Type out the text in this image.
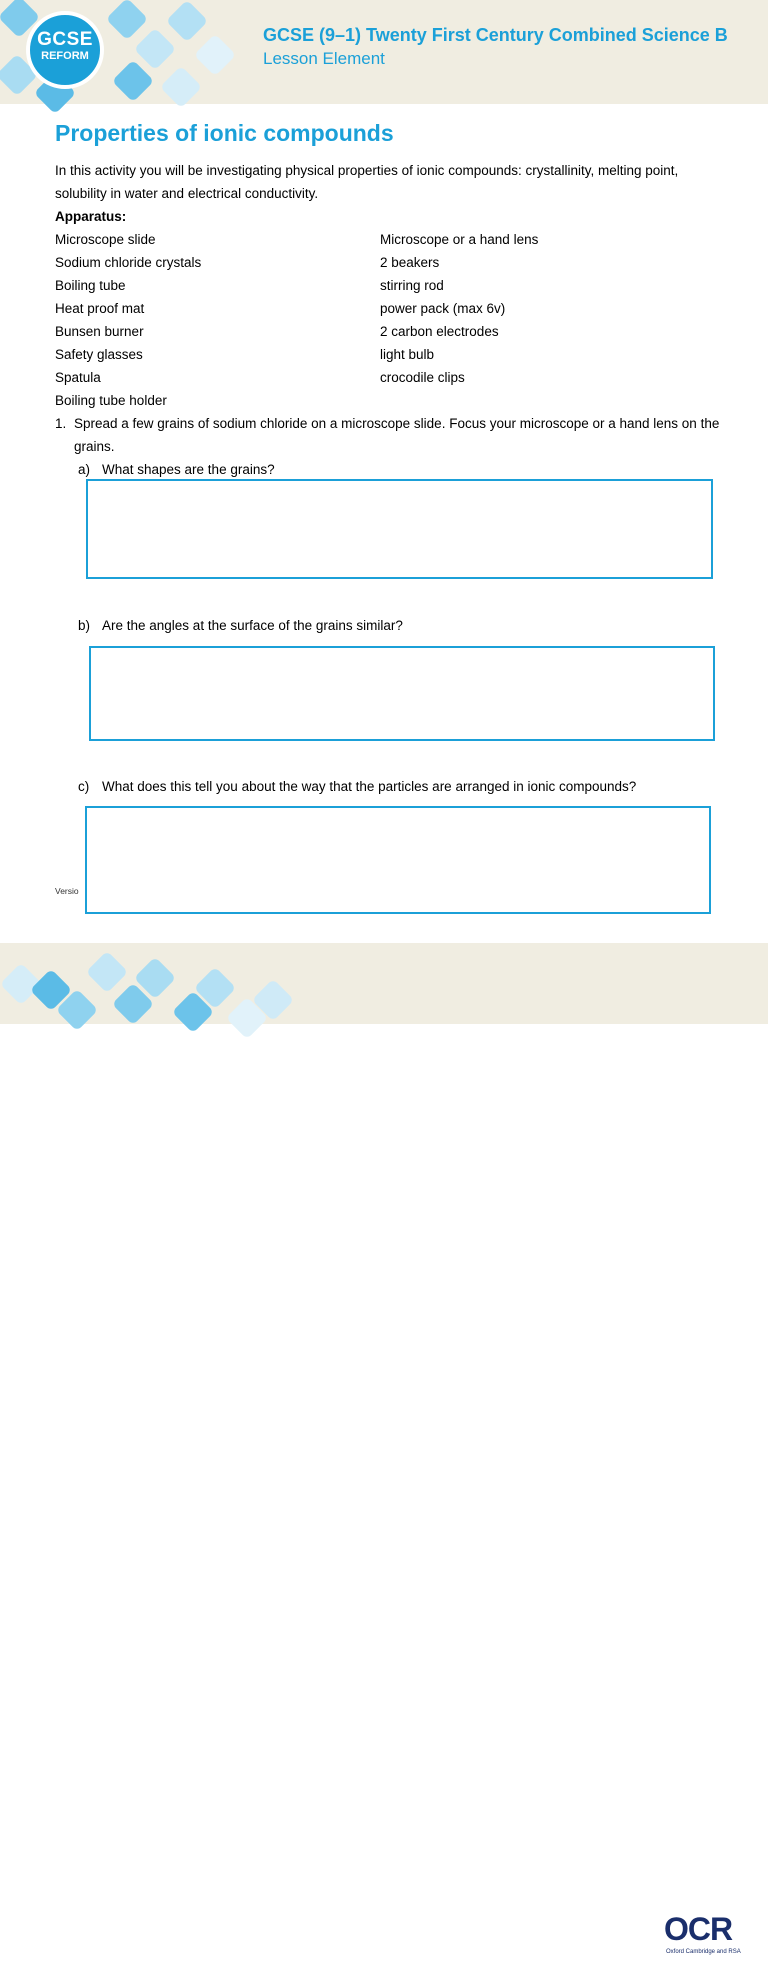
GCSE
REFORM
GCSE (9–1) Twenty First Century Combined Science B
Lesson Element
Properties of ionic compounds
In this activity you will be investigating physical properties of ionic compounds: crystallinity, melting point, solubility in water and electrical conductivity.
Apparatus:
Microscope slide
Sodium chloride crystals
Boiling tube
Heat proof mat
Bunsen burner
Safety glasses
Spatula
Boiling tube holder
Microscope or a hand lens
2 beakers
stirring rod
power pack (max 6v)
2 carbon electrodes
light bulb
crocodile clips
1. Spread a few grains of sodium chloride on a microscope slide. Focus your microscope or a hand lens on the grains.
a) What shapes are the grains?
b) Are the angles at the surface of the grains similar?
c) What does this tell you about the way that the particles are arranged in ionic compounds?
Versio
OCR
Oxford Cambridge and RSA
